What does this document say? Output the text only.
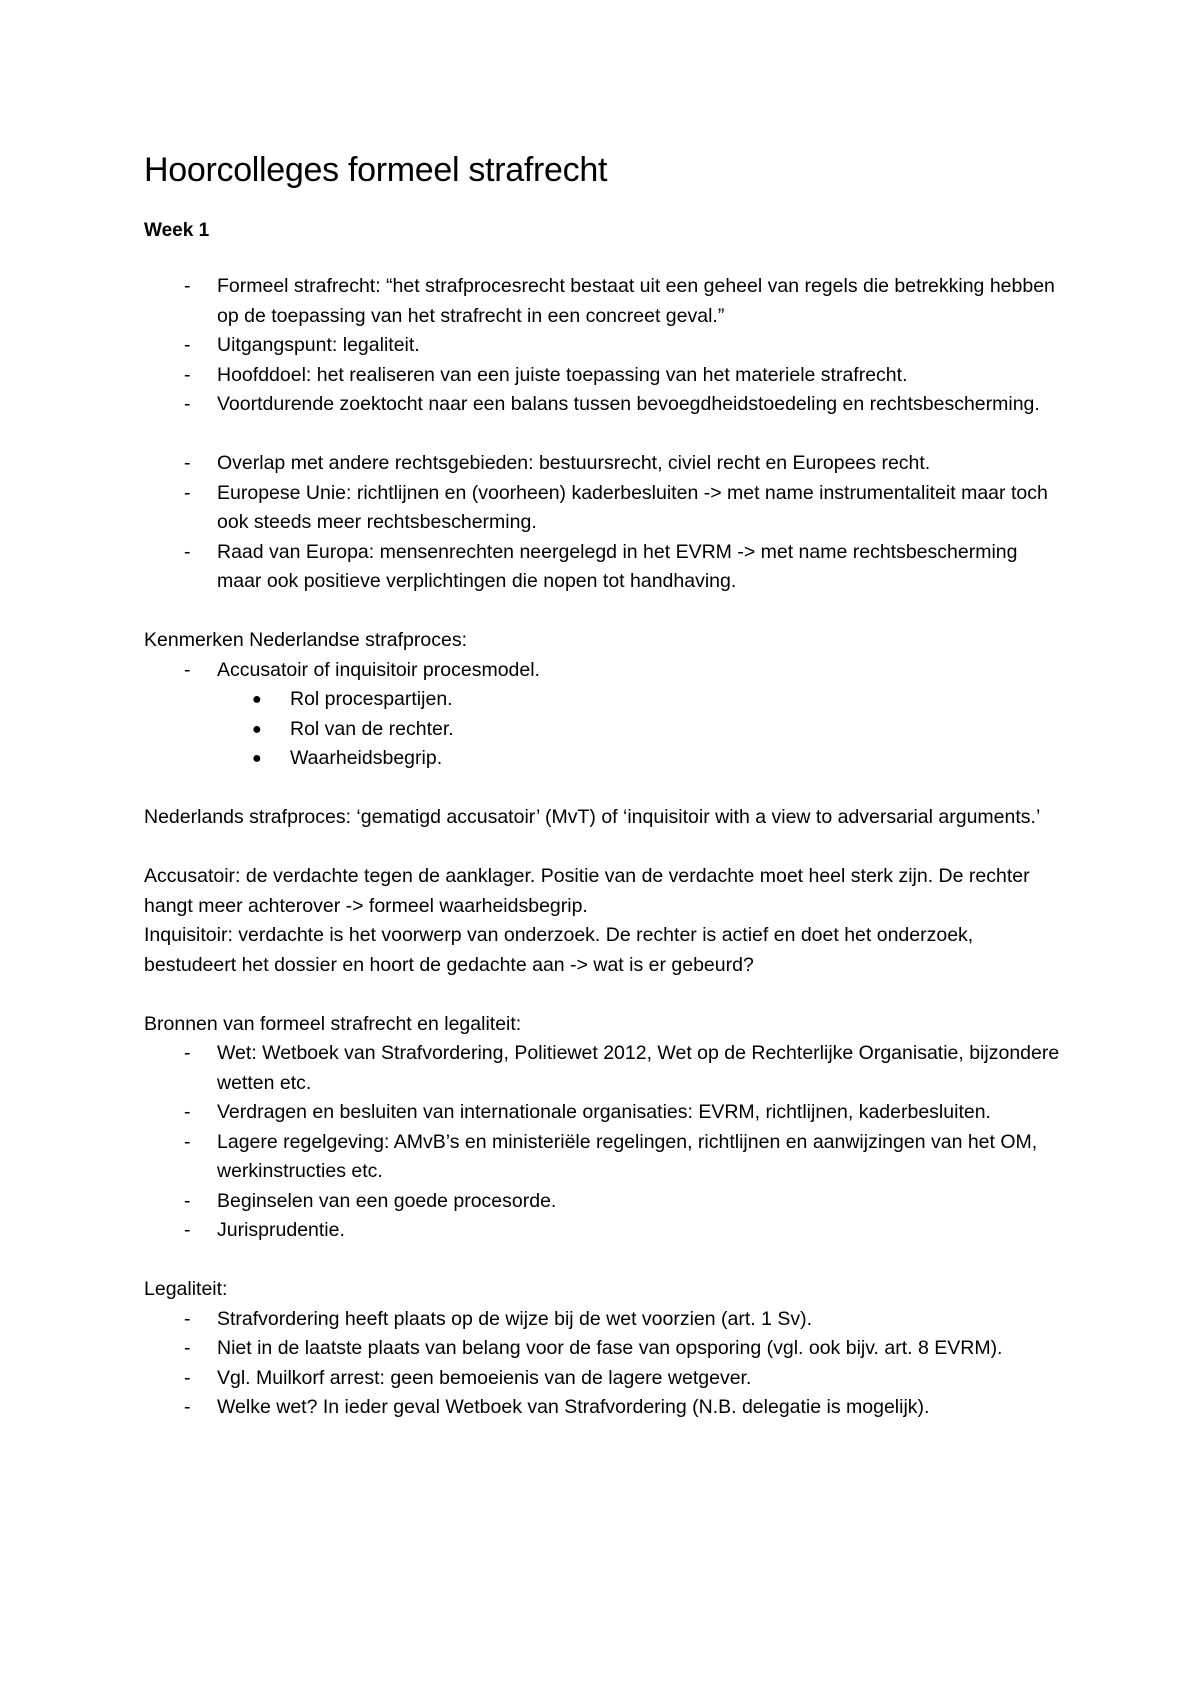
Hoorcolleges formeel strafrecht
Week 1
- Formeel strafrecht: “het strafprocesrecht bestaat uit een geheel van regels die betrekking hebben op de toepassing van het strafrecht in een concreet geval.”
- Uitgangspunt: legaliteit.
- Hoofddoel: het realiseren van een juiste toepassing van het materiele strafrecht.
- Voortdurende zoektocht naar een balans tussen bevoegdheidstoedeling en rechtsbescherming.
- Overlap met andere rechtsgebieden: bestuursrecht, civiel recht en Europees recht.
- Europese Unie: richtlijnen en (voorheen) kaderbesluiten -> met name instrumentaliteit maar toch ook steeds meer rechtsbescherming.
- Raad van Europa: mensenrechten neergelegd in het EVRM -> met name rechtsbescherming maar ook positieve verplichtingen die nopen tot handhaving.

Kenmerken Nederlandse strafproces:

- Accusatoir of inquisitoir procesmodel.
● Rol procespartijen.
● Rol van de rechter.
● Waarheidsbegrip.

Nederlands strafproces: ‘gematigd accusatoir’ (MvT) of ‘inquisitoir with a view to adversarial arguments.’

Accusatoir: de verdachte tegen de aanklager. Positie van de verdachte moet heel sterk zijn. De rechter hangt meer achterover -> formeel waarheidsbegrip.

Inquisitoir: verdachte is het voorwerp van onderzoek. De rechter is actief en doet het onderzoek, bestudeert het dossier en hoort de gedachte aan -> wat is er gebeurd?

Bronnen van formeel strafrecht en legaliteit:

- Wet: Wetboek van Strafvordering, Politiewet 2012, Wet op de Rechterlijke Organisatie, bijzondere wetten etc.
- Verdragen en besluiten van internationale organisaties: EVRM, richtlijnen, kaderbesluiten.
- Lagere regelgeving: AMvB’s en ministeriële regelingen, richtlijnen en aanwijzingen van het OM, werkinstructies etc.
- Beginselen van een goede procesorde.
- Jurisprudentie.

Legaliteit:

- Strafvordering heeft plaats op de wijze bij de wet voorzien (art. 1 Sv).
- Niet in de laatste plaats van belang voor de fase van opsporing (vgl. ook bijv. art. 8 EVRM).
- Vgl. Muilkorf arrest: geen bemoeienis van de lagere wetgever.
- Welke wet? In ieder geval Wetboek van Strafvordering (N.B. delegatie is mogelijk).
